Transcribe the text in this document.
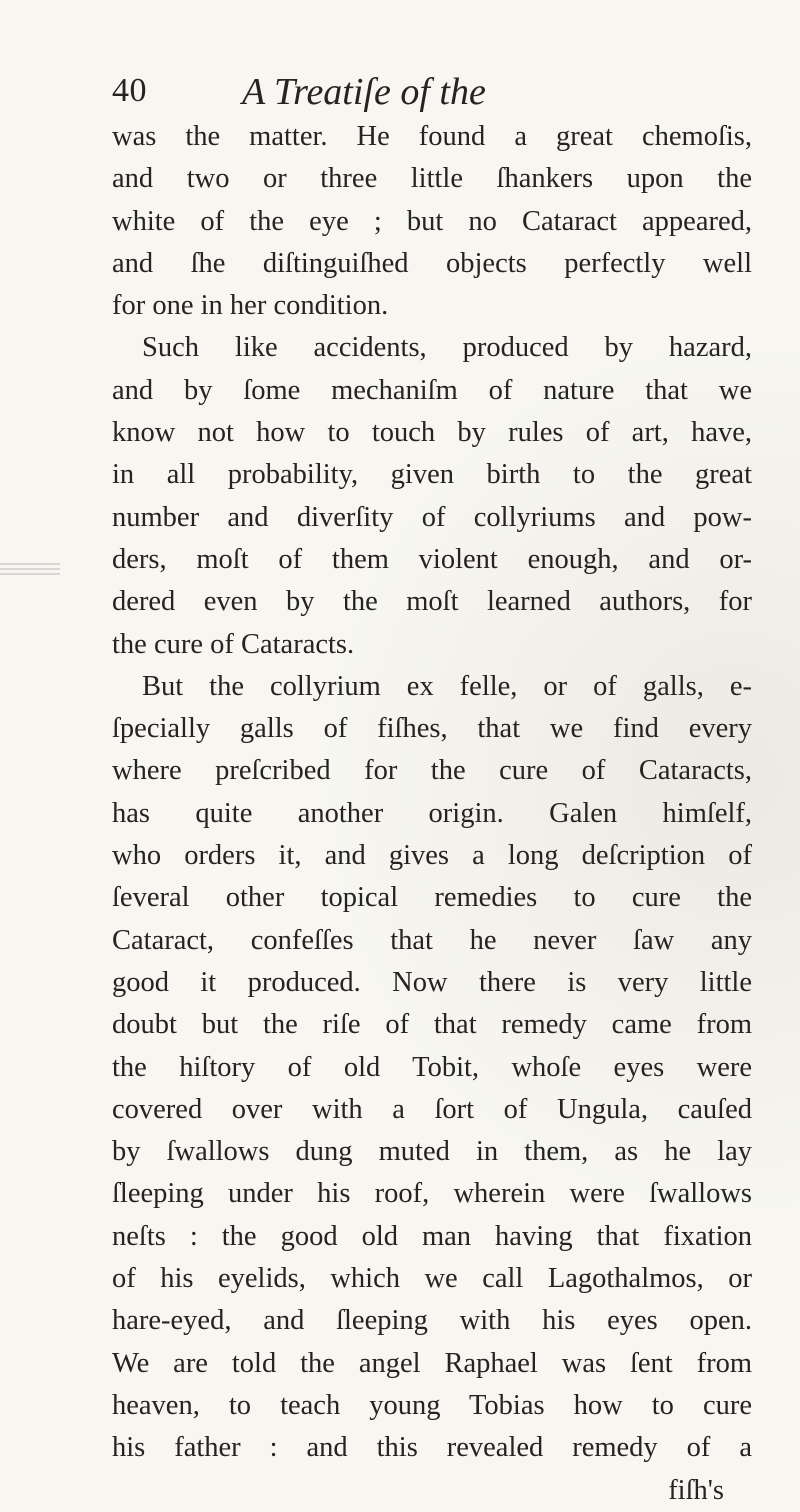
40	A Treatiſe of the
was the matter. He found a great chemoſis,
and two or three little ſhankers upon the
white of the eye ; but no Cataract appeared,
and ſhe diſtinguiſhed objects perfectly well
for one in her condition.
Such like accidents, produced by hazard,
and by ſome mechaniſm of nature that we
know not how to touch by rules of art, have,
in all probability, given birth to the great
number and diverſity of collyriums and pow-
ders, moſt of them violent enough, and or-
dered even by the moſt learned authors, for
the cure of Cataracts.
But the collyrium ex felle, or of galls, e-
ſpecially galls of fiſhes, that we find every
where preſcribed for the cure of Cataracts,
has quite another origin. Galen himſelf,
who orders it, and gives a long deſcription of
ſeveral other topical remedies to cure the
Cataract, confeſſes that he never ſaw any
good it produced. Now there is very little
doubt but the riſe of that remedy came from
the hiſtory of old Tobit, whoſe eyes were
covered over with a ſort of Ungula, cauſed
by ſwallows dung muted in them, as he lay
ſleeping under his roof, wherein were ſwallows
neſts : the good old man having that fixation
of his eyelids, which we call Lagothalmos, or
hare-eyed, and ſleeping with his eyes open.
We are told the angel Raphael was ſent from
heaven, to teach young Tobias how to cure
his father : and this revealed remedy of a
fiſh's
